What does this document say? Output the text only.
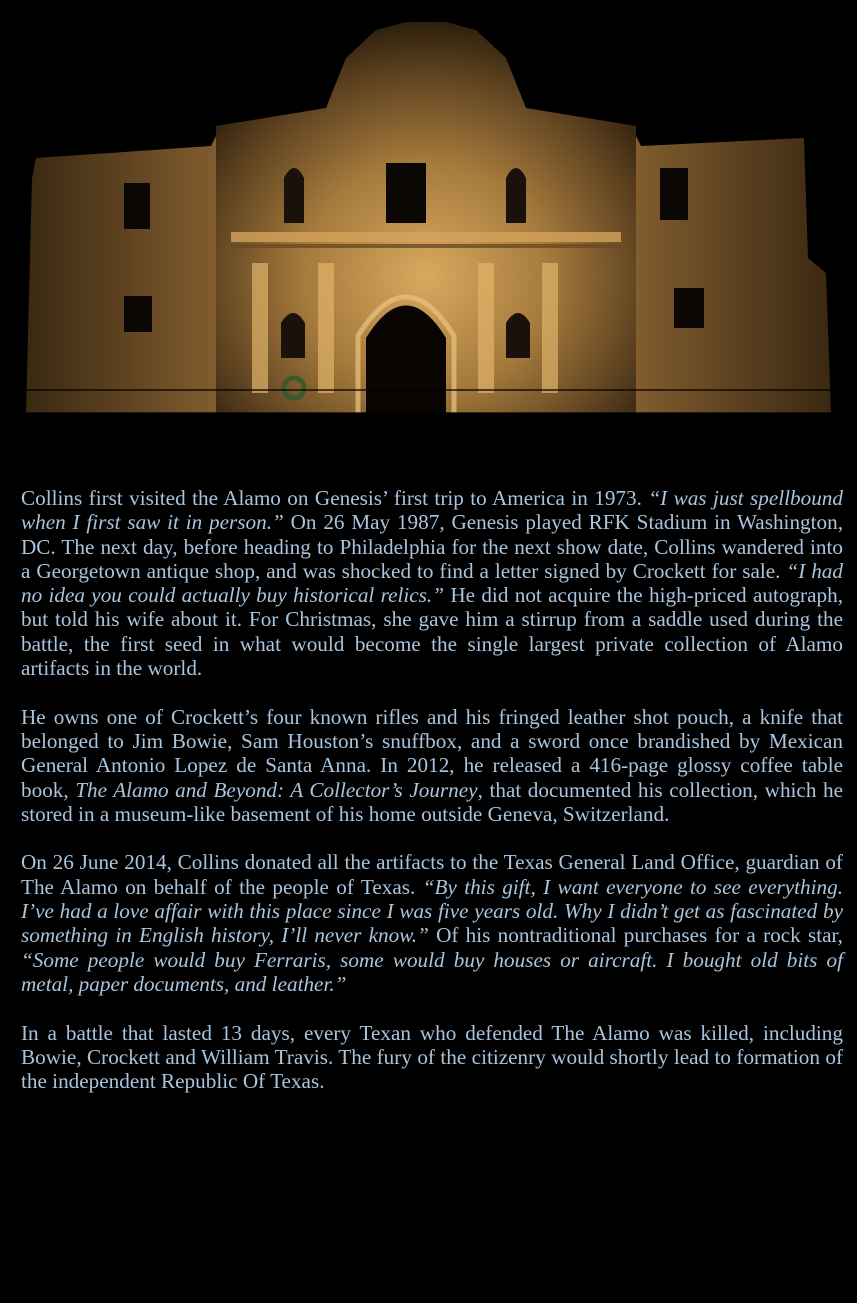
Collins first visited the Alamo on Genesis’ first trip to America in 1973. “I was just spellbound when I first saw it in person.” On 26 May 1987, Genesis played RFK Stadium in Washington, DC. The next day, before heading to Philadelphia for the next show date, Collins wandered into a Georgetown antique shop, and was shocked to find a letter signed by Crockett for sale. “I had no idea you could actually buy historical relics.” He did not acquire the high-priced autograph, but told his wife about it. For Christmas, she gave him a stirrup from a saddle used during the battle, the first seed in what would become the single largest private collection of Alamo artifacts in the world.

He owns one of Crockett’s four known rifles and his fringed leather shot pouch, a knife that belonged to Jim Bowie, Sam Houston’s snuffbox, and a sword once brandished by Mexican General Antonio Lopez de Santa Anna. In 2012, he released a 416-page glossy coffee table book, The Alamo and Beyond: A Collector’s Journey, that documented his collection, which he stored in a museum-like basement of his home outside Geneva, Switzerland.

On 26 June 2014, Collins donated all the artifacts to the Texas General Land Office, guardian of The Alamo on behalf of the people of Texas. “By this gift, I want everyone to see everything. I’ve had a love affair with this place since I was five years old. Why I didn’t get as fascinated by something in English history, I’ll never know.” Of his nontraditional purchases for a rock star, “Some people would buy Ferraris, some would buy houses or aircraft. I bought old bits of metal, paper documents, and leather.”

In a battle that lasted 13 days, every Texan who defended The Alamo was killed, including Bowie, Crockett and William Travis. The fury of the citizenry would shortly lead to formation of the independent Republic Of Texas.
